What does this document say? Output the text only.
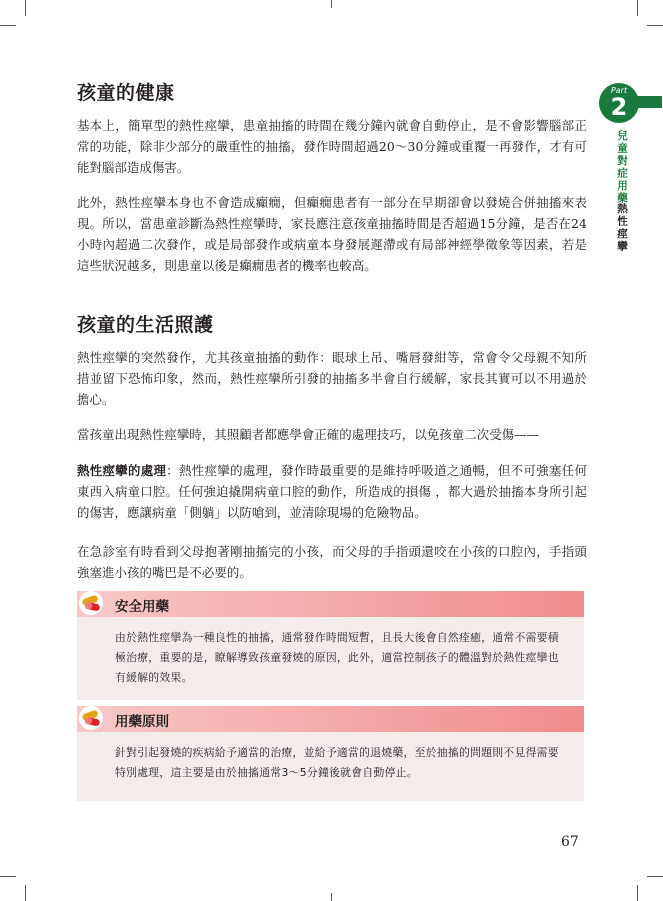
Part
2
兒童對症用藥
熱性痙攣
孩童的健康

基本上，簡單型的熱性痙攣，患童抽搐的時間在幾分鐘內就會自動停止，是不會影響腦部正常的功能，除非少部分的嚴重性的抽搐，發作時間超過20～30分鐘或重覆一再發作，才有可能對腦部造成傷害。

此外，熱性痙攣本身也不會造成癲癇，但癲癇患者有一部分在早期卻會以發燒合併抽搐來表現。所以，當患童診斷為熱性痙攣時，家長應注意孩童抽搐時間是否超過15分鐘，是否在24小時內超過二次發作，或是局部發作或病童本身發展遲滯或有局部神經學徵象等因素，若是這些狀況越多，則患童以後是癲癇患者的機率也較高。

孩童的生活照護

熱性痙攣的突然發作，尤其孩童抽搐的動作：眼球上吊、嘴唇發紺等，常會令父母親不知所措並留下恐怖印象，然而，熱性痙攣所引發的抽搐多半會自行緩解，家長其實可以不用過於擔心。

當孩童出現熱性痙攣時，其照顧者都應學會正確的處理技巧，以免孩童二次受傷——

熱性痙攣的處理：熱性痙攣的處理，發作時最重要的是維持呼吸道之通暢，但不可強塞任何東西入病童口腔。任何強迫撬開病童口腔的動作，所造成的損傷 ，都大過於抽搐本身所引起的傷害，應讓病童「側躺」以防嗆到，並清除現場的危險物品。

在急診室有時看到父母抱著剛抽搐完的小孩，而父母的手指頭還咬在小孩的口腔內，手指頭強塞進小孩的嘴巴是不必要的。

由於熱性痙攣為一種良性的抽搐，通常發作時間短暫，且長大後會自然痊癒，通常不需要積極治療，重要的是，瞭解導致孩童發燒的原因，此外，適當控制孩子的體溫對於熱性痙攣也有緩解的效果。

安全用藥

針對引起發燒的疾病給予適當的治療，並給予適當的退燒藥，至於抽搐的問題則不見得需要特別處理，這主要是由於抽搐通常3～5分鐘後就會自動停止。

用藥原則
67
